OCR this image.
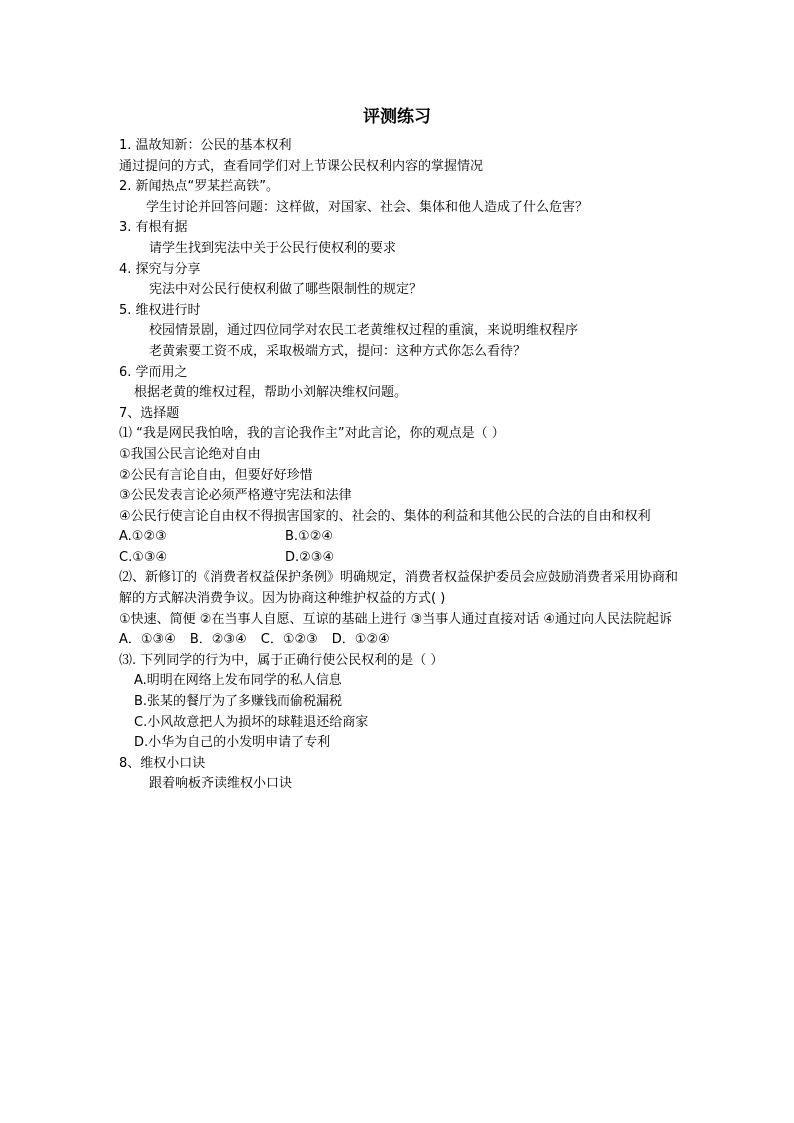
评测练习

1. 温故知新：公民的基本权利

通过提问的方式，查看同学们对上节课公民权利内容的掌握情况

2. 新闻热点“罗某拦高铁”。

学生讨论并回答问题：这样做，对国家、社会、集体和他人造成了什么危害？

3. 有根有据

请学生找到宪法中关于公民行使权利的要求

4. 探究与分享

宪法中对公民行使权利做了哪些限制性的规定？

5. 维权进行时

校园情景剧，通过四位同学对农民工老黄维权过程的重演，来说明维权程序

老黄索要工资不成，采取极端方式，提问：这种方式你怎么看待？

6. 学而用之

根据老黄的维权过程，帮助小刘解决维权问题。

7、选择题

⑴ “我是网民我怕啥，我的言论我作主”对此言论，你的观点是（ ）

①我国公民言论绝对自由

②公民有言论自由，但要好好珍惜

③公民发表言论必须严格遵守宪法和法律

④公民行使言论自由权不得损害国家的、社会的、集体的利益和其他公民的合法的自由和权利

A.①②③	B.①②④
C.①③④	D.②③④

⑵、新修订的《消费者权益保护条例》明确规定，消费者权益保护委员会应鼓励消费者采用协商和解的方式解决消费争议。因为协商这种维护权益的方式( )

①快速、简便 ②在当事人自愿、互谅的基础上进行 ③当事人通过直接对话 ④通过向人民法院起诉

A．①③④ B．②③④ C．①②③ D．①②④

⑶. 下列同学的行为中，属于正确行使公民权利的是（ ）

A.明明在网络上发布同学的私人信息

B.张某的餐厅为了多赚钱而偷税漏税

C.小风故意把人为损坏的球鞋退还给商家

D.小华为自己的小发明申请了专利

8、维权小口诀

跟着响板齐读维权小口诀
